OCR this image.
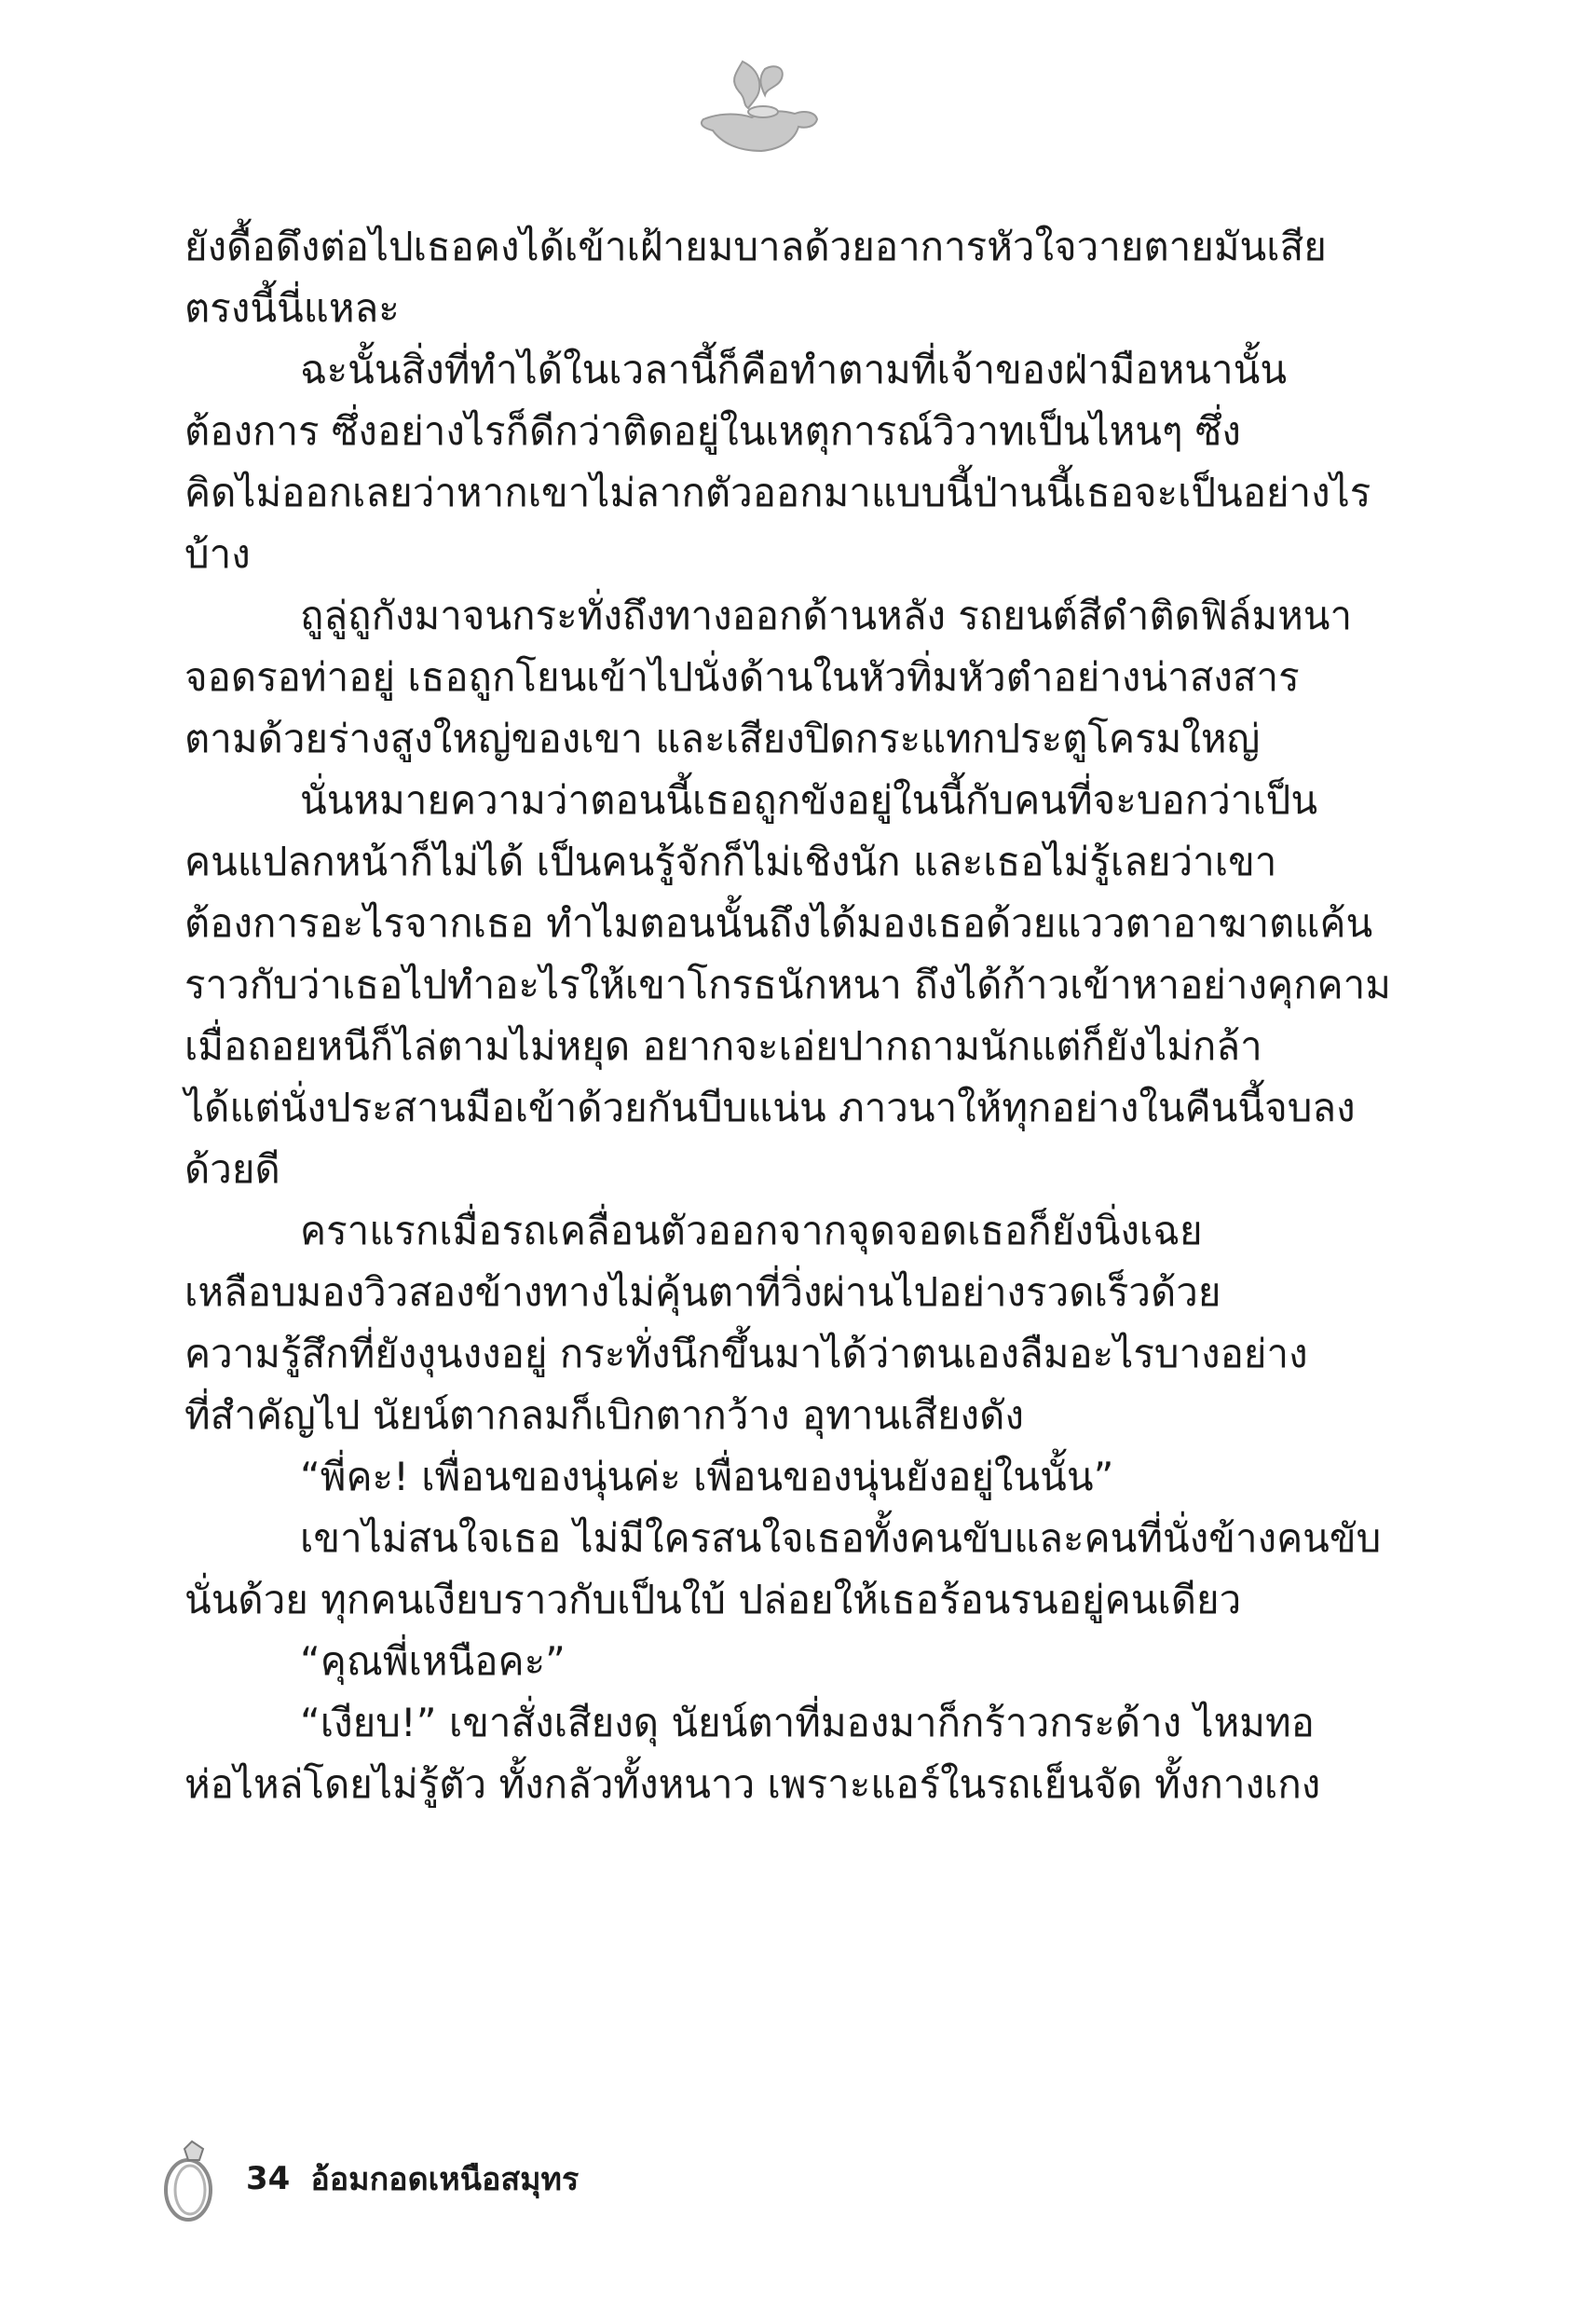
ยังดื้อดึงต่อไปเธอคงได้เข้าเฝ้ายมบาลด้วยอาการหัวใจวายตายมันเสีย

ตรงนี้นี่แหละ

ฉะนั้นสิ่งที่ทำได้ในเวลานี้ก็คือทำตามที่เจ้าของฝ่ามือหนานั้น

ต้องการ ซึ่งอย่างไรก็ดีกว่าติดอยู่ในเหตุการณ์วิวาทเป็นไหนๆ ซึ่ง

คิดไม่ออกเลยว่าหากเขาไม่ลากตัวออกมาแบบนี้ป่านนี้เธอจะเป็นอย่างไร

บ้าง

ถูลู่ถูกังมาจนกระทั่งถึงทางออกด้านหลัง รถยนต์สีดำติดฟิล์มหนา

จอดรอท่าอยู่ เธอถูกโยนเข้าไปนั่งด้านในหัวทิ่มหัวตำอย่างน่าสงสาร

ตามด้วยร่างสูงใหญ่ของเขา และเสียงปิดกระแทกประตูโครมใหญ่

นั่นหมายความว่าตอนนี้เธอถูกขังอยู่ในนี้กับคนที่จะบอกว่าเป็น

คนแปลกหน้าก็ไม่ได้ เป็นคนรู้จักก็ไม่เชิงนัก และเธอไม่รู้เลยว่าเขา

ต้องการอะไรจากเธอ ทำไมตอนนั้นถึงได้มองเธอด้วยแววตาอาฆาตแค้น

ราวกับว่าเธอไปทำอะไรให้เขาโกรธนักหนา ถึงได้ก้าวเข้าหาอย่างคุกคาม

เมื่อถอยหนีก็ไล่ตามไม่หยุด อยากจะเอ่ยปากถามนักแต่ก็ยังไม่กล้า

ได้แต่นั่งประสานมือเข้าด้วยกันบีบแน่น ภาวนาให้ทุกอย่างในคืนนี้จบลง

ด้วยดี

คราแรกเมื่อรถเคลื่อนตัวออกจากจุดจอดเธอก็ยังนิ่งเฉย

เหลือบมองวิวสองข้างทางไม่คุ้นตาที่วิ่งผ่านไปอย่างรวดเร็วด้วย

ความรู้สึกที่ยังงุนงงอยู่ กระทั่งนึกขึ้นมาได้ว่าตนเองลืมอะไรบางอย่าง

ที่สำคัญไป นัยน์ตากลมก็เบิกตากว้าง อุทานเสียงดัง

“พี่คะ! เพื่อนของนุ่นค่ะ เพื่อนของนุ่นยังอยู่ในนั้น”

เขาไม่สนใจเธอ ไม่มีใครสนใจเธอทั้งคนขับและคนที่นั่งข้างคนขับ

นั่นด้วย ทุกคนเงียบราวกับเป็นใบ้ ปล่อยให้เธอร้อนรนอยู่คนเดียว

“คุณพี่เหนือคะ”

“เงียบ!” เขาสั่งเสียงดุ นัยน์ตาที่มองมาก็กร้าวกระด้าง ไหมทอ

ห่อไหล่โดยไม่รู้ตัว ทั้งกลัวทั้งหนาว เพราะแอร์ในรถเย็นจัด ทั้งกางเกง

34 อ้อมกอดเหนือสมุทร
